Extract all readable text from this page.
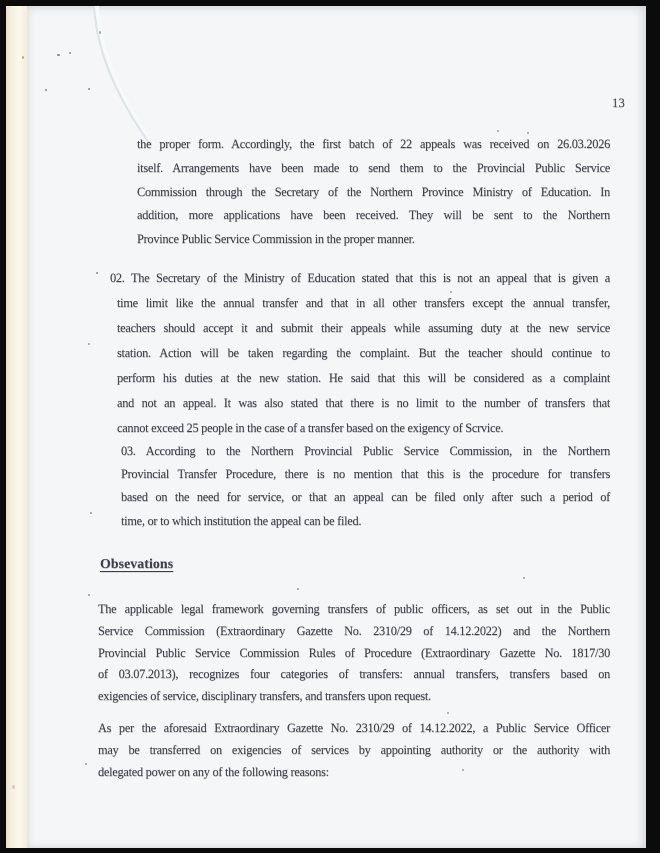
13
the proper form. Accordingly, the first batch of 22 appeals was received on 26.03.2026
itself. Arrangements have been made to send them to the Provincial Public Service
Commission through the Secretary of the Northern Province Ministry of Education. In
addition, more applications have been received. They will be sent to the Northern
Province Public Service Commission in the proper manner.
02. The Secretary of the Ministry of Education stated that this is not an appeal that is given a
time limit like the annual transfer and that in all other transfers except the annual transfer,
teachers should accept it and submit their appeals while assuming duty at the new service
station. Action will be taken regarding the complaint. But the teacher should continue to
perform his duties at the new station. He said that this will be considered as a complaint
and not an appeal. It was also stated that there is no limit to the number of transfers that
cannot exceed 25 people in the case of a transfer based on the exigency of Scrvice.
03. According to the Northern Provincial Public Service Commission, in the Northern
Provincial Transfer Procedure, there is no mention that this is the procedure for transfers
based on the need for service, or that an appeal can be filed only after such a period of
time, or to which institution the appeal can be filed.
Obsevations
The applicable legal framework governing transfers of public officers, as set out in the Public
Service Commission (Extraordinary Gazette No. 2310/29 of 14.12.2022) and the Northern
Provincial Public Service Commission Rules of Procedure (Extraordinary Gazette No. 1817/30
of 03.07.2013), recognizes four categories of transfers: annual transfers, transfers based on
exigencies of service, disciplinary transfers, and transfers upon request.
As per the aforesaid Extraordinary Gazette No. 2310/29 of 14.12.2022, a Public Service Officer
may be transferred on exigencies of services by appointing authority or the authority with
delegated power on any of the following reasons:
